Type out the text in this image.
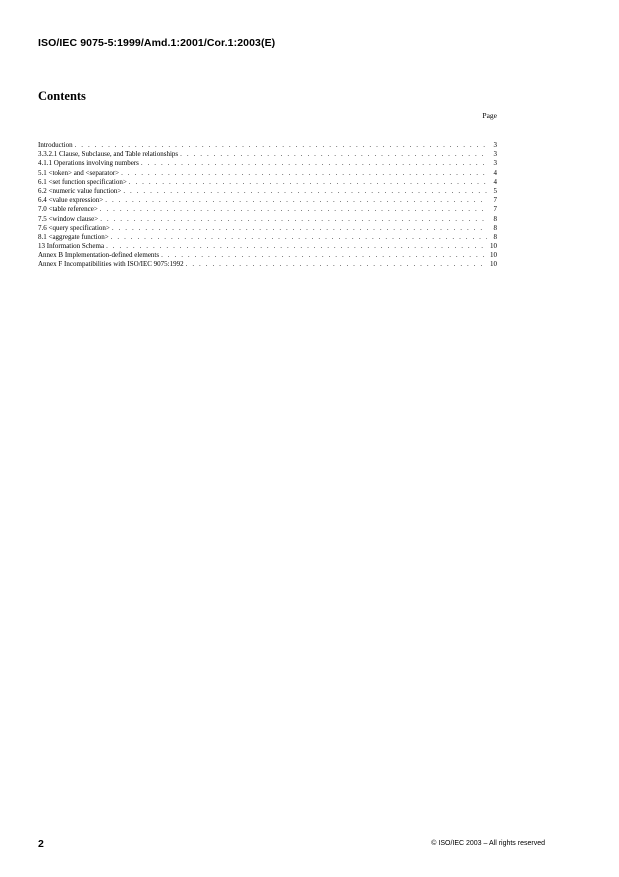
ISO/IEC 9075-5:1999/Amd.1:2001/Cor.1:2003(E)
Contents
Page
Introduction . . .	3
3.3.2.1 Clause, Subclause, and Table relationships . . .	3
4.1.1 Operations involving numbers . . .	3
5.1 <token> and <separator> . . .	4
6.1 <set function specification> . . .	4
6.2 <numeric value function> . . .	5
6.4 <value expression> . . .	7
7.0 <table reference> . . .	7
7.5 <window clause> . . .	8
7.6 <query specification> . . .	8
8.1 <aggregate function> . . .	8
13 Information Schema . . .	10
Annex B Implementation-defined elements . . .	10
Annex F Incompatibilities with ISO/IEC 9075:1992 . . .	10
2	© ISO/IEC 2003 – All rights reserved
